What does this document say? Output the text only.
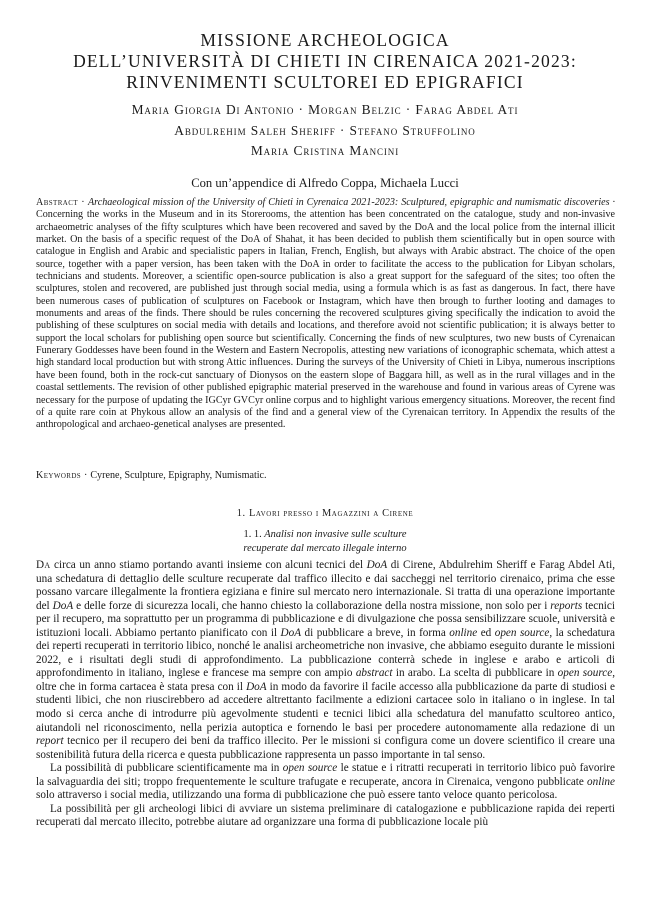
MISSIONE ARCHEOLOGICA
DELL’UNIVERSITÀ DI CHIETI IN CIRENAICA 2021-2023:
RINVENIMENTI SCULTOREI ED EPIGRAFICI
Maria Giorgia Di Antonio · Morgan Belzic · Farag Abdel Ati
Abdulrehim Saleh Sheriff · Stefano Struffolino
Maria Cristina Mancini
Con un’appendice di Alfredo Coppa, Michaela Lucci

Abstract · Archaeological mission of the University of Chieti in Cyrenaica 2021-2023: Sculptured, epigraphic and numismatic discoveries · Concerning the works in the Museum and in its Storerooms, the attention has been concentrated on the catalogue, study and non-invasive archaeometric analyses of the fifty sculptures which have been recovered and saved by the DoA and the local police from the internal illicit market. On the basis of a specific request of the DoA of Shahat, it has been decided to publish them scientifically but in open source with catalogue in English and Arabic and specialistic papers in Italian, French, English, but always with Arabic abstract. The choice of the open source, together with a paper version, has been taken with the DoA in order to facilitate the access to the publication for Libyan scholars, technicians and students. Moreover, a scientific open-source publication is also a great support for the safeguard of the sites; too often the sculptures, stolen and recovered, are published just through social media, using a formula which is as fast as dangerous. In fact, there have been numerous cases of publication of sculptures on Facebook or Instagram, which have then brough to further looting and damages to monuments and areas of the finds. There should be rules concerning the recovered sculptures giving specifically the indication to avoid the publishing of these sculptures on social media with details and locations, and therefore avoid not scientific publication; it is always better to support the local scholars for publishing open source but scientifically. Concerning the finds of new sculptures, two new busts of Cyrenaican Funerary Goddesses have been found in the Western and Eastern Necropolis, attesting new variations of iconographic schemata, which attest a high standard local production but with strong Attic influences. During the surveys of the University of Chieti in Libya, numerous inscriptions have been found, both in the rock-cut sanctuary of Dionysos on the eastern slope of Baggara hill, as well as in the rural villages and in the coastal settlements. The revision of other published epigraphic material preserved in the warehouse and found in various areas of Cyrene was necessary for the purpose of updating the IGCyr GVCyr online corpus and to highlight various emergency situations. Moreover, the recent find of a quite rare coin at Phykous allow an analysis of the find and a general view of the Cyrenaican territory. In Appendix the results of the anthropological and archaeo-genetical analyses are presented.

Keywords · Cyrene, Sculpture, Epigraphy, Numismatic.

1. Lavori presso i Magazzini a Cirene
1. 1. Analisi non invasive sulle sculture
recuperate dal mercato illegale interno

Da circa un anno stiamo portando avanti insieme con alcuni tecnici del DoA di Cirene, Abdulrehim Sheriff e Farag Abdel Ati, una schedatura di dettaglio delle sculture recuperate dal traffico illecito e dai saccheggi nel territorio cirenaico, prima che esse possano varcare illegalmente la frontiera egiziana e finire sul mercato nero internazionale. Si tratta di una operazione importante del DoA e delle forze di sicurezza locali, che hanno chiesto la collaborazione della nostra missione, non solo per i reports tecnici per il recupero, ma soprattutto per un programma di pubblicazione e di divulgazione che possa sensibilizzare scuole, università e istituzioni locali. Abbiamo pertanto pianificato con il DoA di pubblicare a breve, in forma online ed open source, la schedatura dei reperti recuperati in territorio libico, nonché le analisi archeometriche non invasive, che abbiamo eseguito durante le missioni 2022, e i risultati degli studi di approfondimento. La pubblicazione conterrà schede in inglese e arabo e articoli di approfondimento in italiano, inglese e francese ma sempre con ampio abstract in arabo. La scelta di pubblicare in open source, oltre che in forma cartacea è stata presa con il DoA in modo da favorire il facile accesso alla pubblicazione da parte di studiosi e studenti libici, che non riuscirebbero ad accedere altrettanto facilmente a edizioni cartacee solo in italiano o in inglese. In tal modo si cerca anche di introdurre più agevolmente studenti e tecnici libici alla schedatura del manufatto scultoreo antico, aiutandoli nel riconoscimento, nella perizia autoptica e fornendo le basi per procedere autonomamente alla redazione di un report tecnico per il recupero dei beni da traffico illecito. Per le missioni si configura come un dovere scientifico il creare una sostenibilità futura della ricerca e questa pubblicazione rappresenta un passo importante in tal senso.

La possibilità di pubblicare scientificamente ma in open source le statue e i ritratti recuperati in territorio libico può favorire la salvaguardia dei siti; troppo frequentemente le sculture trafugate e recuperate, ancora in Cirenaica, vengono pubblicate online solo attraverso i social media, utilizzando una forma di pubblicazione che può essere tanto veloce quanto pericolosa.

La possibilità per gli archeologi libici di avviare un sistema preliminare di catalogazione e pubblicazione rapida dei reperti recuperati dal mercato illecito, potrebbe aiutare ad organizzare una forma di pubblicazione locale più
